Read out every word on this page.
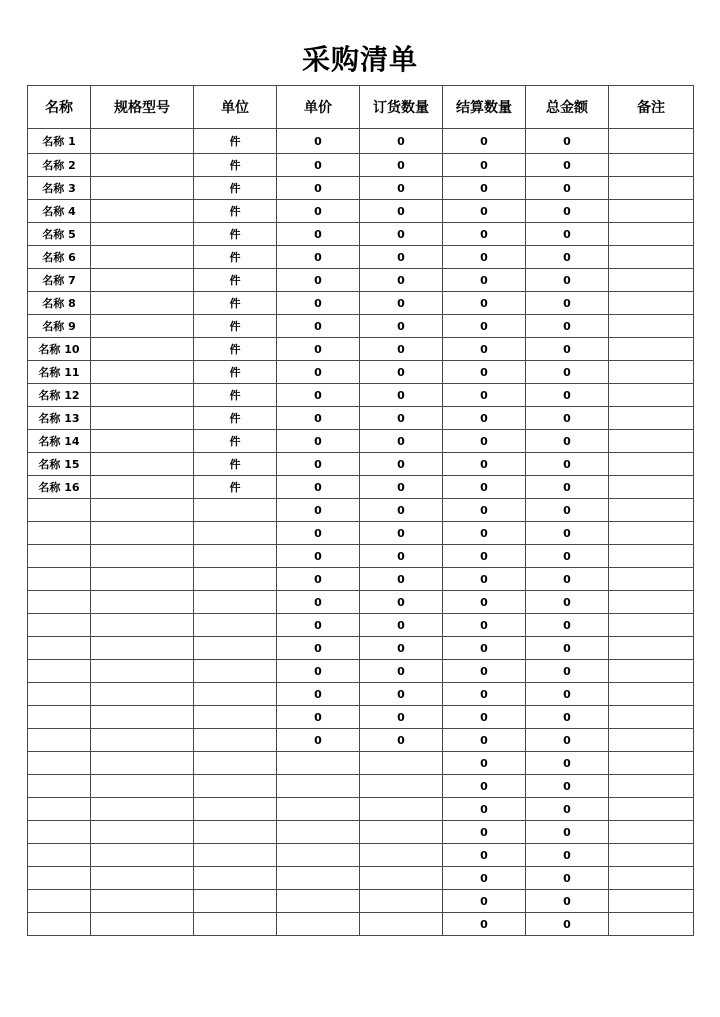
采购清单
名称	规格型号	单位	单价	订货数量	结算数量	总金额	备注
名称 1		件	0	0	0	0	
名称 2		件	0	0	0	0	
名称 3		件	0	0	0	0	
名称 4		件	0	0	0	0	
名称 5		件	0	0	0	0	
名称 6		件	0	0	0	0	
名称 7		件	0	0	0	0	
名称 8		件	0	0	0	0	
名称 9		件	0	0	0	0	
名称 10		件	0	0	0	0	
名称 11		件	0	0	0	0	
名称 12		件	0	0	0	0	
名称 13		件	0	0	0	0	
名称 14		件	0	0	0	0	
名称 15		件	0	0	0	0	
名称 16		件	0	0	0	0	
			0	0	0	0	
			0	0	0	0	
			0	0	0	0	
			0	0	0	0	
			0	0	0	0	
			0	0	0	0	
			0	0	0	0	
			0	0	0	0	
			0	0	0	0	
			0	0	0	0	
			0	0	0	0	
					0	0	
					0	0	
					0	0	
					0	0	
					0	0	
					0	0	
					0	0	
					0	0	
